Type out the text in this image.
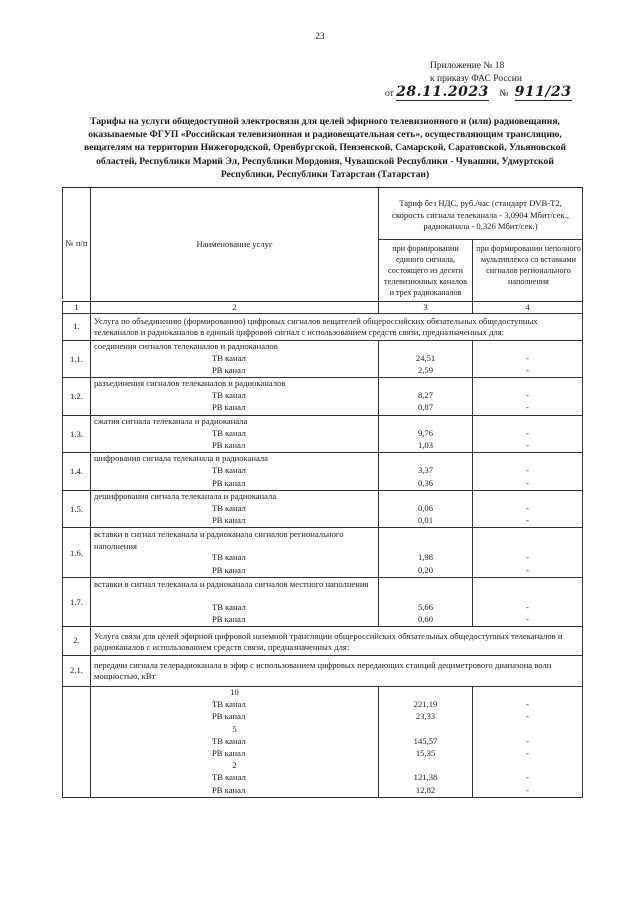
23
Приложение № 18
к приказу ФАС России
от 28.11.2023 № 911/23
Тарифы на услуги общедоступной электросвязи для целей эфирного телевизионного и (или) радиовещания, оказываемые ФГУП «Российская телевизионная и радиовещательная сеть», осуществляющим трансляцию, вещателям на территории Нижегородской, Оренбургской, Пензенской, Самарской, Саратовской, Ульяновской областей, Республики Марий Эл, Республики Мордовия, Чувашской Республики - Чувашии, Удмуртской Республики, Республики Татарстан (Татарстан)
№ п/п	Наименование услуг
Тариф без НДС, руб./час (стандарт DVB-T2, скорость сигнала телеканала - 3,0904 Мбит/сек., радиоканала - 0,326 Мбит/сек.)
при формировании единого сигнала, состоящего из десяти телевизионных каналов и трех радиоканалов
при формировании неполного мультиплекса со вставками сигналов регионального наполнения
1	2	3	4
1.
Услуга по объединению (формированию) цифровых сигналов вещателей общероссийских обязательных общедоступных телеканалов и радиоканалов в единый цифровой сигнал с использованием средств связи, предназначенных для:
1.1.
соединения сигналов телеканалов и радиоканалов
ТВ канал	24,51	-
РВ канал	2,59	-
1.2.
разъединения сигналов телеканалов и радиоканалов
ТВ канал	8,27	-
РВ канал	0,87	-
1.3.
сжатия сигнала телеканала и радиоканала
ТВ канал	9,76	-
РВ канал	1,03	-
1.4.
шифрования сигнала телеканала и радиоканала
ТВ канал	3,37	-
РВ канал	0,36	-
1.5.
дешифрования сигнала телеканала и радиоканала
ТВ канал	0,06	-
РВ канал	0,01	-
1.6.
вставки в сигнал телеканала и радиоканала сигналов регионального наполнения
ТВ канал	1,98	-
РВ канал	0,20	-
1.7.
вставки в сигнал телеканала и радиоканала сигналов местного наполнения
ТВ канал	5,66	-
РВ канал	0,60	-
2.	Услуга связи для целей эфирной цифровой наземной трансляции общероссийских обязательных общедоступных телеканалов и радиоканалов с использованием средств связи, предназначенных для:
2.1.
передачи сигнала телерадиоканала в эфир с использованием цифровых передающих станций дециметрового диапазона волн мощностью, кВт
10
ТВ канал	221,19	-
РВ канал	23,33	-
5
ТВ канал	145,57	-
РВ канал	15,35	-
2
ТВ канал	121,38	-
РВ канал	12,82	-
